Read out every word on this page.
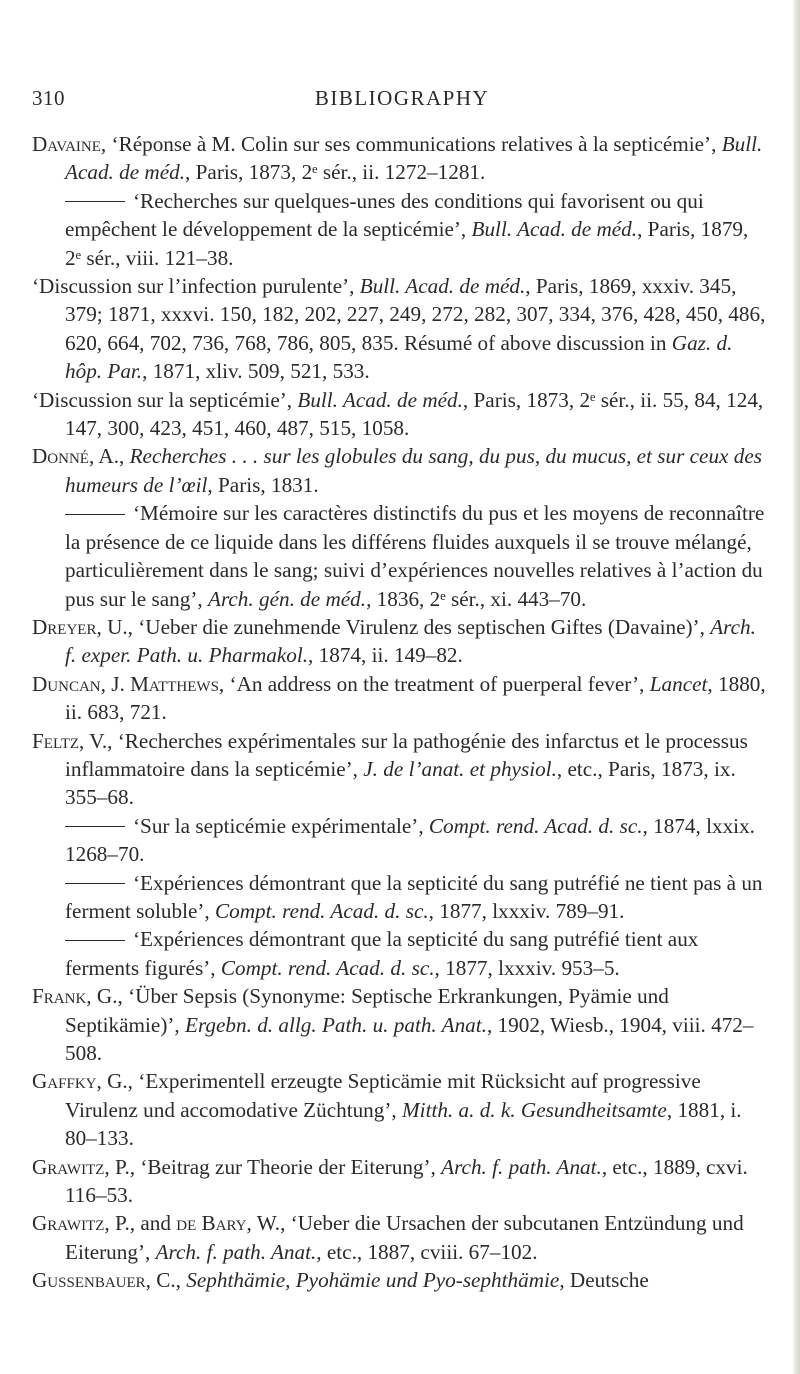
310	BIBLIOGRAPHY

Davaine, ‘Réponse à M. Colin sur ses communications relatives à la septicémie’, Bull. Acad. de méd., Paris, 1873, 2ᵉ sér., ii. 1272–1281.

‘Recherches sur quelques-unes des conditions qui favorisent ou qui empêchent le développement de la septicémie’, Bull. Acad. de méd., Paris, 1879, 2ᵉ sér., viii. 121–38.

‘Discussion sur l’infection purulente’, Bull. Acad. de méd., Paris, 1869, xxxiv. 345, 379; 1871, xxxvi. 150, 182, 202, 227, 249, 272, 282, 307, 334, 376, 428, 450, 486, 620, 664, 702, 736, 768, 786, 805, 835. Résumé of above discussion in Gaz. d. hôp. Par., 1871, xliv. 509, 521, 533.

‘Discussion sur la septicémie’, Bull. Acad. de méd., Paris, 1873, 2ᵉ sér., ii. 55, 84, 124, 147, 300, 423, 451, 460, 487, 515, 1058.

Donné, A., Recherches . . . sur les globules du sang, du pus, du mucus, et sur ceux des humeurs de l’œil, Paris, 1831.

‘Mémoire sur les caractères distinctifs du pus et les moyens de reconnaître la présence de ce liquide dans les différens fluides auxquels il se trouve mélangé, particulièrement dans le sang; suivi d’expériences nouvelles relatives à l’action du pus sur le sang’, Arch. gén. de méd., 1836, 2ᵉ sér., xi. 443–70.

Dreyer, U., ‘Ueber die zunehmende Virulenz des septischen Giftes (Davaine)’, Arch. f. exper. Path. u. Pharmakol., 1874, ii. 149–82.

Duncan, J. Matthews, ‘An address on the treatment of puerperal fever’, Lancet, 1880, ii. 683, 721.

Feltz, V., ‘Recherches expérimentales sur la pathogénie des infarctus et le processus inflammatoire dans la septicémie’, J. de l’anat. et physiol., etc., Paris, 1873, ix. 355–68.

‘Sur la septicémie expérimentale’, Compt. rend. Acad. d. sc., 1874, lxxix. 1268–70.

‘Expériences démontrant que la septicité du sang putréfié ne tient pas à un ferment soluble’, Compt. rend. Acad. d. sc., 1877, lxxxiv. 789–91.

‘Expériences démontrant que la septicité du sang putréfié tient aux ferments figurés’, Compt. rend. Acad. d. sc., 1877, lxxxiv. 953–5.

Frank, G., ‘Über Sepsis (Synonyme: Septische Erkrankungen, Pyämie und Septikämie)’, Ergebn. d. allg. Path. u. path. Anat., 1902, Wiesb., 1904, viii. 472–508.

Gaffky, G., ‘Experimentell erzeugte Septicämie mit Rücksicht auf progressive Virulenz und accomodative Züchtung’, Mitth. a. d. k. Gesundheitsamte, 1881, i. 80–133.

Grawitz, P., ‘Beitrag zur Theorie der Eiterung’, Arch. f. path. Anat., etc., 1889, cxvi. 116–53.

Grawitz, P., and de Bary, W., ‘Ueber die Ursachen der subcutanen Entzündung und Eiterung’, Arch. f. path. Anat., etc., 1887, cviii. 67–102.

Gussenbauer, C., Sephthämie, Pyohämie und Pyo-sephthämie, Deutsche
